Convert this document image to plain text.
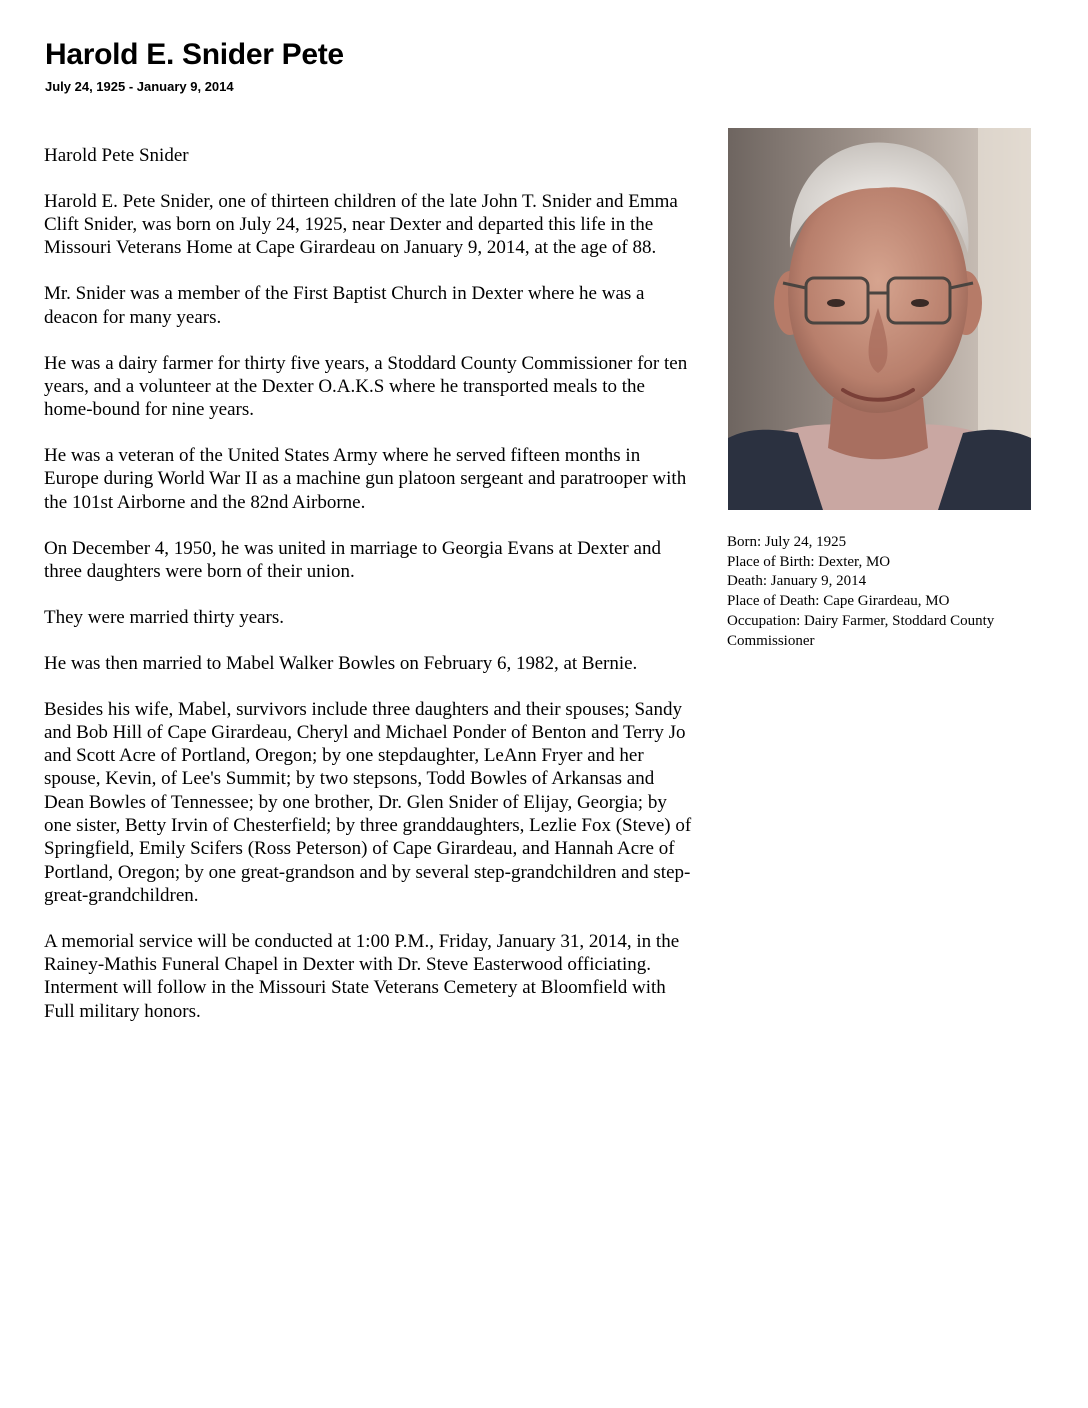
Harold E. Snider Pete
July 24, 1925 - January 9, 2014

Harold Pete Snider

Harold E. Pete Snider, one of thirteen children of the late John T. Snider and Emma Clift Snider, was born on July 24, 1925, near Dexter and departed this life in the Missouri Veterans Home at Cape Girardeau on January 9, 2014, at the age of 88.

Mr. Snider was a member of the First Baptist Church in Dexter where he was a deacon for many years.

He was a dairy farmer for thirty five years, a Stoddard County Commissioner for ten years, and a volunteer at the Dexter O.A.K.S where he transported meals to the home-bound for nine years.

He was a veteran of the United States Army where he served fifteen months in Europe during World War II as a machine gun platoon sergeant and paratrooper with the 101st Airborne and the 82nd Airborne.

On December 4, 1950, he was united in marriage to Georgia Evans at Dexter and three daughters were born of their union.

They were married thirty years.

He was then married to Mabel Walker Bowles on February 6, 1982, at Bernie.

Besides his wife, Mabel, survivors include three daughters and their spouses; Sandy and Bob Hill of Cape Girardeau, Cheryl and Michael Ponder of Benton and Terry Jo and Scott Acre of Portland, Oregon; by one stepdaughter, LeAnn Fryer and her spouse, Kevin, of Lee's Summit; by two stepsons, Todd Bowles of Arkansas and Dean Bowles of Tennessee; by one brother, Dr. Glen Snider of Elijay, Georgia; by one sister, Betty Irvin of Chesterfield; by three granddaughters, Lezlie Fox (Steve) of Springfield, Emily Scifers (Ross Peterson) of Cape Girardeau, and Hannah Acre of Portland, Oregon; by one great-grandson and by several step-grandchildren and step-great-grandchildren.

A memorial service will be conducted at 1:00 P.M., Friday, January 31, 2014, in the Rainey-Mathis Funeral Chapel in Dexter with Dr. Steve Easterwood officiating. Interment will follow in the Missouri State Veterans Cemetery at Bloomfield with Full military honors.

Born: July 24, 1925
Place of Birth: Dexter, MO
Death: January 9, 2014
Place of Death: Cape Girardeau, MO
Occupation: Dairy Farmer, Stoddard County Commissioner
